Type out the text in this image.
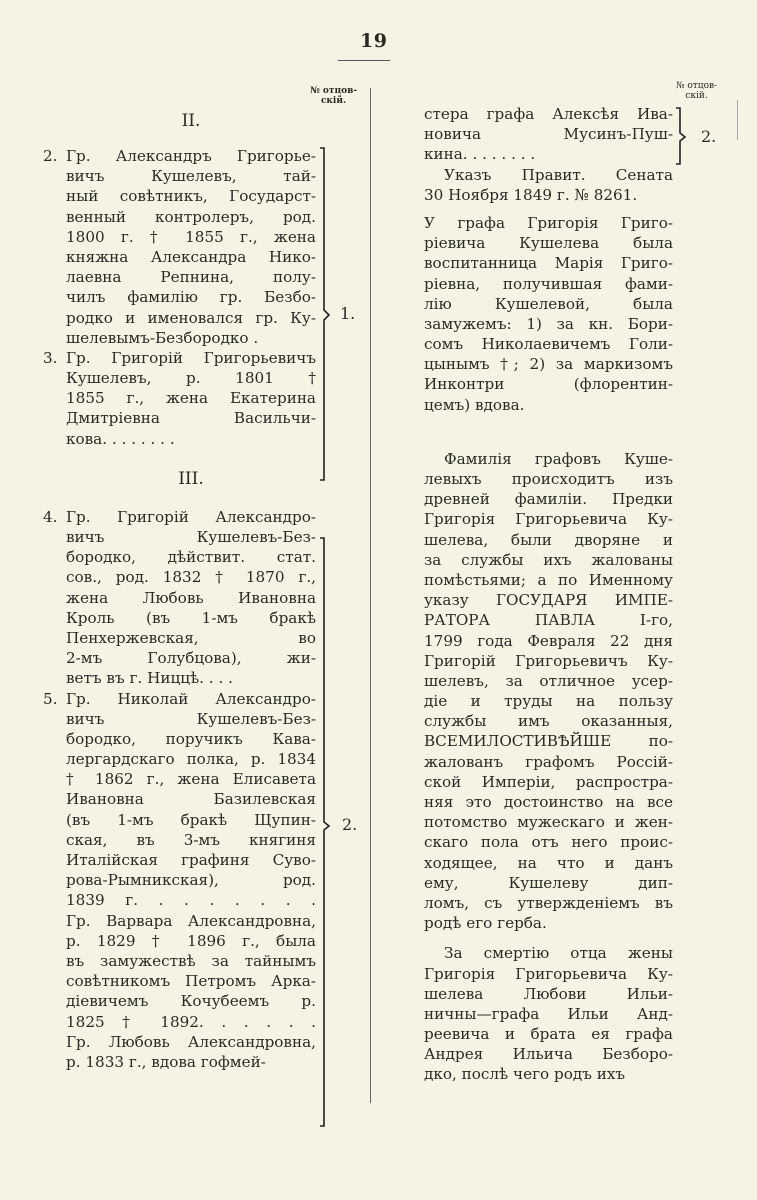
19
№ отцов-
скій.
№ отцов-
скій.
II.
2. Гр. Александръ Григорье-
вичъ Кушелевъ, тай-
ный совѣтникъ, Государст-
венный контролеръ, род.
1800 г. † 1855 г., жена
княжна Александра Нико-
лаевна Репнина, полу-
чилъ фамилію гр. Безбо-
родко и именовался гр. Ку-
шелевымъ-Безбородко .
3. Гр. Григорій Григорьевичъ
Кушелевъ, р. 1801 †
1855 г., жена Екатерина
Дмитріевна Васильчи-
кова. . . . . . . .
III.
4. Гр. Григорій Александро-
вичъ Кушелевъ-Без-
бородко, дѣйствит. стат.
сов., род. 1832 † 1870 г.,
жена Любовь Ивановна
Кроль (въ 1-мъ бракѣ
Пенхержевская, во
2-мъ Голубцова), жи-
ветъ въ г. Ниццѣ. . . .
5. Гр. Николай Александро-
вичъ Кушелевъ-Без-
бородко, поручикъ Кава-
лергардскаго полка, р. 1834
† 1862 г., жена Елисавета
Ивановна Базилевская
(въ 1-мъ бракѣ Щупин-
ская, въ 3-мъ княгиня
Италійская графиня Суво-
рова-Рымникская), род.
1839 г. . . . . . . .
Гр. Варвара Александровна,
р. 1829 † 1896 г., была
въ замужествѣ за тайнымъ
совѣтникомъ Петромъ Арка-
діевичемъ Кочубеемъ р.
1825 † 1892. . . . . .
Гр. Любовь Александровна,
р. 1833 г., вдова гофмей-
1.
2.
стера графа Алексѣя Ива-
новича Мусинъ-Пуш-
кина. . . . . . . .
Указъ Правит. Сената
30 Ноября 1849 г. № 8261.
У графа Григорія Григо-
ріевича Кушелева была
воспитанница Марія Григо-
ріевна, получившая фами-
лію Кушелевой, была
замужемъ: 1) за кн. Бори-
сомъ Николаевичемъ Голи-
цынымъ †; 2) за маркизомъ
Инконтри (флорентин-
цемъ) вдова.
Фамилія графовъ Куше-
левыхъ происходитъ изъ
древней фамиліи. Предки
Григорія Григорьевича Ку-
шелева, были дворяне и
за службы ихъ жалованы
помѣстьями; а по Именному
указу ГОСУДАРЯ ИМПЕ-
РАТОРА ПАВЛА I-го,
1799 года Февраля 22 дня
Григорій Григорьевичъ Ку-
шелевъ, за отличное усер-
діе и труды на пользу
службы имъ оказанныя,
ВСЕМИЛОСТИВѢЙШЕ по-
жалованъ графомъ Россій-
ской Имперіи, распростра-
няя это достоинство на все
потомство мужескаго и жен-
скаго пола отъ него проис-
ходящее, на что и данъ
ему, Кушелеву дип-
ломъ, съ утвержденіемъ въ
родѣ его герба.
За смертію отца жены
Григорія Григорьевича Ку-
шелева Любови Ильи-
ничны—графа Ильи Анд-
реевича и брата ея графа
Андрея Ильича Безборо-
дко, послѣ чего родъ ихъ
2.
